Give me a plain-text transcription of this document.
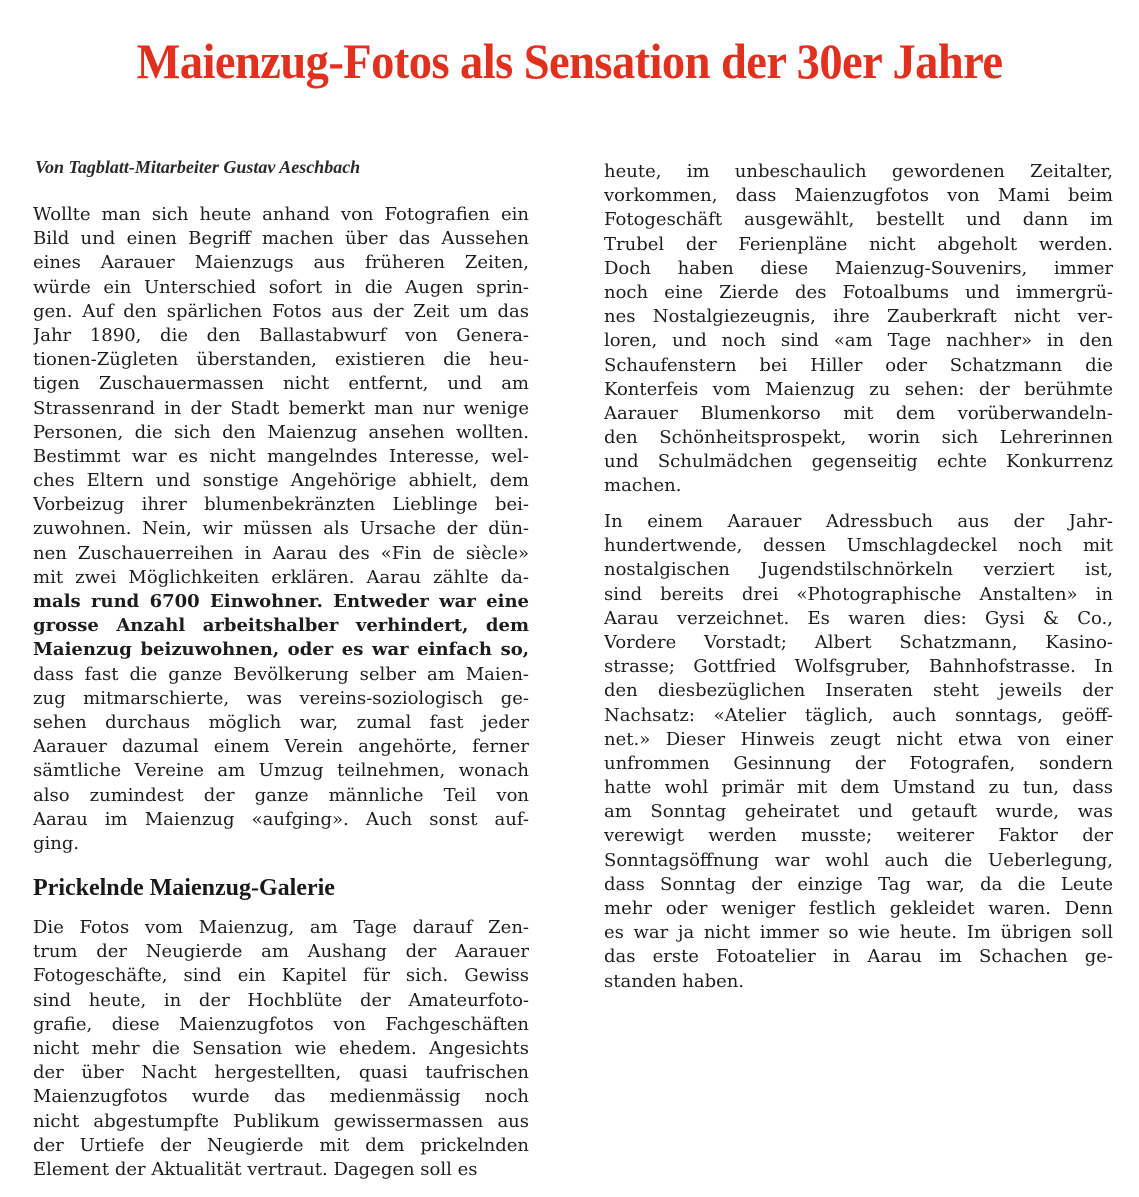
Maienzug-Fotos als Sensation der 30er Jahre
Von Tagblatt-Mitarbeiter Gustav Aeschbach
Wollte man sich heute anhand von Fotografien ein
Bild und einen Begriff machen über das Aussehen
eines Aarauer Maienzugs aus früheren Zeiten,
würde ein Unterschied sofort in die Augen sprin-
gen. Auf den spärlichen Fotos aus der Zeit um das
Jahr 1890, die den Ballastabwurf von Genera-
tionen-Zügleten überstanden, existieren die heu-
tigen Zuschauermassen nicht entfernt, und am
Strassenrand in der Stadt bemerkt man nur wenige
Personen, die sich den Maienzug ansehen wollten.
Bestimmt war es nicht mangelndes Interesse, wel-
ches Eltern und sonstige Angehörige abhielt, dem
Vorbeizug ihrer blumenbekränzten Lieblinge bei-
zuwohnen. Nein, wir müssen als Ursache der dün-
nen Zuschauerreihen in Aarau des «Fin de siècle»
mit zwei Möglichkeiten erklären. Aarau zählte da-
mals rund 6700 Einwohner. Entweder war eine
grosse Anzahl arbeitshalber verhindert, dem
Maienzug beizuwohnen, oder es war einfach so,
dass fast die ganze Bevölkerung selber am Maien-
zug mitmarschierte, was vereins-soziologisch ge-
sehen durchaus möglich war, zumal fast jeder
Aarauer dazumal einem Verein angehörte, ferner
sämtliche Vereine am Umzug teilnehmen, wonach
also zumindest der ganze männliche Teil von
Aarau im Maienzug «aufging». Auch sonst auf-
ging.
Prickelnde Maienzug-Galerie
Die Fotos vom Maienzug, am Tage darauf Zen-
trum der Neugierde am Aushang der Aarauer
Fotogeschäfte, sind ein Kapitel für sich. Gewiss
sind heute, in der Hochblüte der Amateurfoto-
grafie, diese Maienzugfotos von Fachgeschäften
nicht mehr die Sensation wie ehedem. Angesichts
der über Nacht hergestellten, quasi taufrischen
Maienzugfotos wurde das medienmässig noch
nicht abgestumpfte Publikum gewissermassen aus
der Urtiefe der Neugierde mit dem prickelnden
Element der Aktualität vertraut. Dagegen soll es
heute, im unbeschaulich gewordenen Zeitalter,
vorkommen, dass Maienzugfotos von Mami beim
Fotogeschäft ausgewählt, bestellt und dann im
Trubel der Ferienpläne nicht abgeholt werden.
Doch haben diese Maienzug-Souvenirs, immer
noch eine Zierde des Fotoalbums und immergrü-
nes Nostalgiezeugnis, ihre Zauberkraft nicht ver-
loren, und noch sind «am Tage nachher» in den
Schaufenstern bei Hiller oder Schatzmann die
Konterfeis vom Maienzug zu sehen: der berühmte
Aarauer Blumenkorso mit dem vorüberwandeln-
den Schönheitsprospekt, worin sich Lehrerinnen
und Schulmädchen gegenseitig echte Konkurrenz
machen.
In einem Aarauer Adressbuch aus der Jahr-
hundertwende, dessen Umschlagdeckel noch mit
nostalgischen Jugendstilschnörkeln verziert ist,
sind bereits drei «Photographische Anstalten» in
Aarau verzeichnet. Es waren dies: Gysi & Co.,
Vordere Vorstadt; Albert Schatzmann, Kasino-
strasse; Gottfried Wolfsgruber, Bahnhofstrasse. In
den diesbezüglichen Inseraten steht jeweils der
Nachsatz: «Atelier täglich, auch sonntags, geöff-
net.» Dieser Hinweis zeugt nicht etwa von einer
unfrommen Gesinnung der Fotografen, sondern
hatte wohl primär mit dem Umstand zu tun, dass
am Sonntag geheiratet und getauft wurde, was
verewigt werden musste; weiterer Faktor der
Sonntagsöffnung war wohl auch die Ueberlegung,
dass Sonntag der einzige Tag war, da die Leute
mehr oder weniger festlich gekleidet waren. Denn
es war ja nicht immer so wie heute. Im übrigen soll
das erste Fotoatelier in Aarau im Schachen ge-
standen haben.
